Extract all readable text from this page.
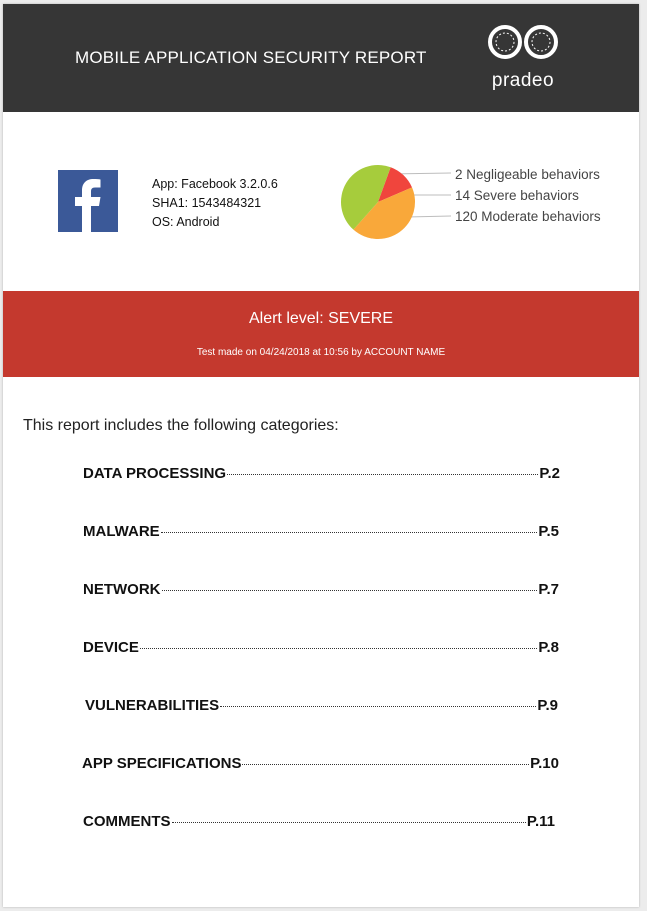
MOBILE APPLICATION SECURITY REPORT
pradeo
App: Facebook 3.2.0.6
SHA1: 1543484321
OS: Android
2 Negligeable behaviors
14 Severe behaviors
120 Moderate behaviors
Alert level: SEVERE
Test made on 04/24/2018 at 10:56 by ACCOUNT NAME
This report includes the following categories:
DATA PROCESSING	P.2
MALWARE	P.5
NETWORK	P.7
DEVICE	P.8
VULNERABILITIES	P.9
APP SPECIFICATIONS	P.10
COMMENTS	P.11
